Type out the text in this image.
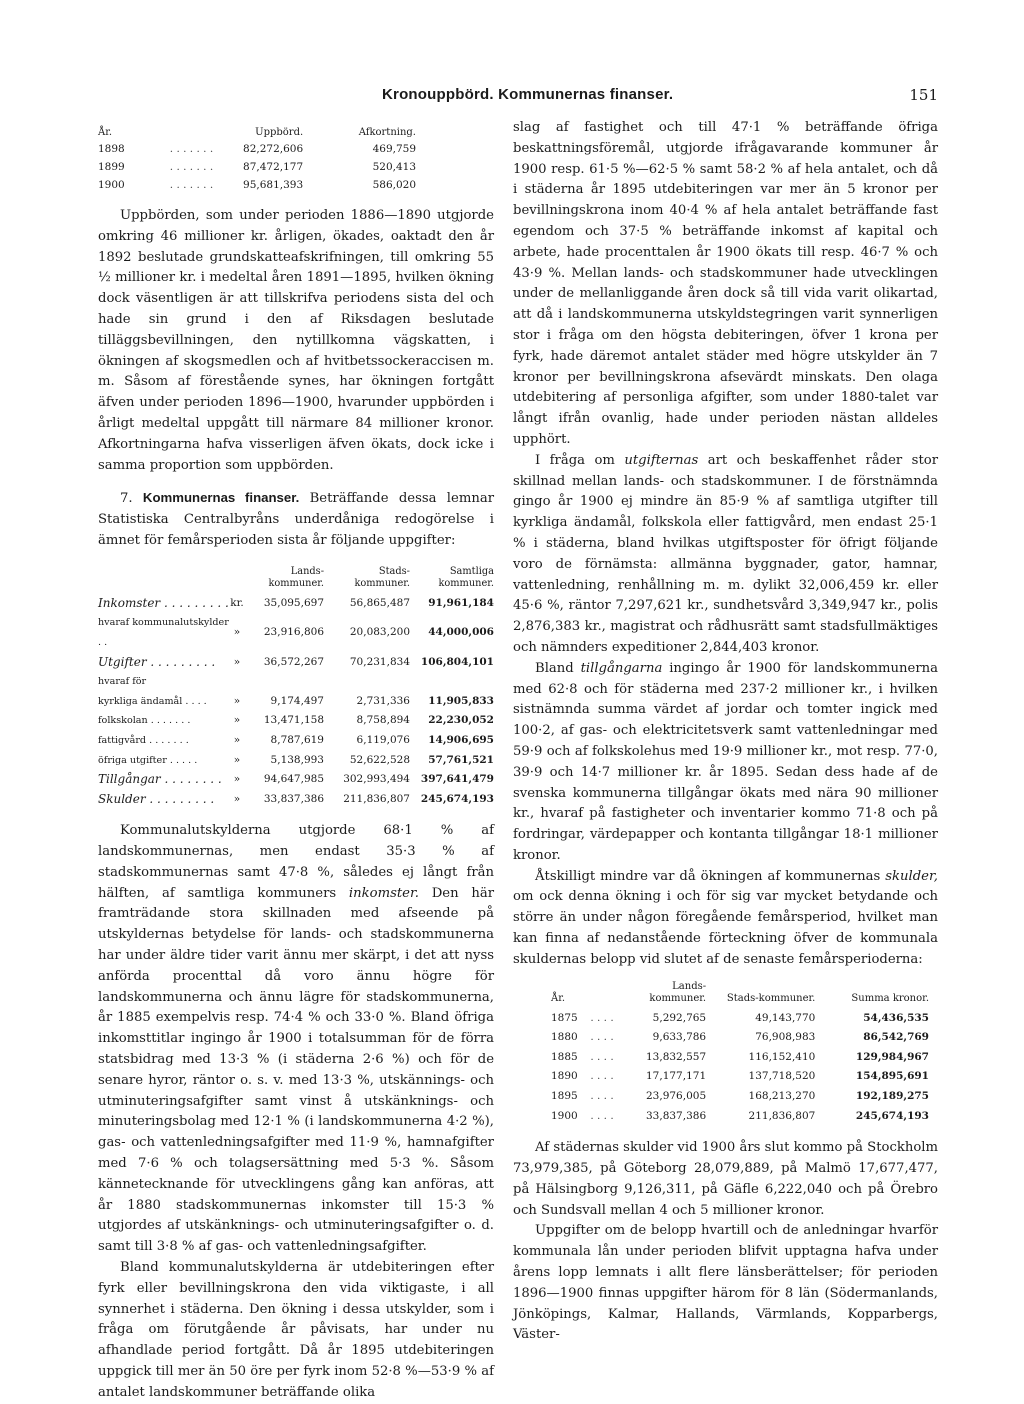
Kronouppbörd. Kommunernas finanser.	151
År.		Uppbörd.	Afkortning.
1898	. . . . . . .	82,272,606	469,759
1899	. . . . . . .	87,472,177	520,413
1900	. . . . . . .	95,681,393	586,020

Uppbörden, som under perioden 1886—1890 utgjorde omkring 46 millioner kr. årligen, ökades, oaktadt den år 1892 beslutade grundskatteafskrifningen, till omkring 55 ½ millioner kr. i medeltal åren 1891—1895, hvilken ökning dock väsentligen är att tillskrifva periodens sista del och hade sin grund i den af Riksdagen beslutade tilläggsbevillningen, den nytillkomna vägskatten, i ökningen af skogsmedlen och af hvitbetssockeraccisen m. m. Såsom af förestående synes, har ökningen fortgått äfven under perioden 1896—1900, hvarunder uppbörden i årligt medeltal uppgått till närmare 84 millioner kronor. Afkortningarna hafva visserligen äfven ökats, dock icke i samma proportion som uppbörden.

7. Kommunernas finanser. Beträffande dessa lemnar Statistiska Centralbyråns underdåniga redogörelse i ämnet för femårsperioden sista år följande uppgifter:

		Lands-kommuner.	Stads-kommuner.	Samtliga kommuner.
Inkomster . . . . . . . . .	kr.	35,095,697	56,865,487	91,961,184
hvaraf kommunalutskylder . .	»	23,916,806	20,083,200	44,000,006
Utgifter . . . . . . . . .	»	36,572,267	70,231,834	106,804,101
hvaraf för				
kyrkliga ändamål . . . .	»	9,174,497	2,731,336	11,905,833
folkskolan . . . . . . .	»	13,471,158	8,758,894	22,230,052
fattigvård . . . . . . .	»	8,787,619	6,119,076	14,906,695
öfriga utgifter . . . . .	»	5,138,993	52,622,528	57,761,521
Tillgångar . . . . . . . .	»	94,647,985	302,993,494	397,641,479
Skulder . . . . . . . . .	»	33,837,386	211,836,807	245,674,193

Kommunalutskylderna utgjorde 68·1 % af landskommunernas, men endast 35·3 % af stadskommunernas samt 47·8 %, således ej långt från hälften, af samtliga kommuners inkomster. Den här framträdande stora skillnaden med afseende på utskyldernas betydelse för lands- och stadskommunerna har under äldre tider varit ännu mer skärpt, i det att nyss anförda procenttal då voro ännu högre för landskommunerna och ännu lägre för stadskommunerna, år 1885 exempelvis resp. 74·4 % och 33·0 %. Bland öfriga inkomsttitlar ingingo år 1900 i totalsumman för de förra statsbidrag med 13·3 % (i städerna 2·6 %) och för de senare hyror, räntor o. s. v. med 13·3 %, utskännings- och utminuteringsafgifter samt vinst å utskänknings- och minuteringsbolag med 12·1 % (i landskommunerna 4·2 %), gas- och vattenledningsafgifter med 11·9 %, hamnafgifter med 7·6 % och tolagsersättning med 5·3 %. Såsom kännetecknande för utvecklingens gång kan anföras, att år 1880 stadskommunernas inkomster till 15·3 % utgjordes af utskänknings- och utminuteringsafgifter o. d. samt till 3·8 % af gas- och vattenledningsafgifter.

Bland kommunalutskylderna är utdebiteringen efter fyrk eller bevillningskrona den vida viktigaste, i all synnerhet i städerna. Den ökning i dessa utskylder, som i fråga om förutgående år påvisats, har under nu afhandlade period fortgått. Då år 1895 utdebiteringen uppgick till mer än 50 öre per fyrk inom 52·8 %—53·9 % af antalet landskommuner beträffande olika

slag af fastighet och till 47·1 % beträffande öfriga beskattningsföremål, utgjorde ifrågavarande kommuner år 1900 resp. 61·5 %—62·5 % samt 58·2 % af hela antalet, och då i städerna år 1895 utdebiteringen var mer än 5 kronor per bevillningskrona inom 40·4 % af hela antalet beträffande fast egendom och 37·5 % beträffande inkomst af kapital och arbete, hade procenttalen år 1900 ökats till resp. 46·7 % och 43·9 %. Mellan lands- och stadskommuner hade utvecklingen under de mellanliggande åren dock så till vida varit olikartad, att då i landskommunerna utskyldstegringen varit synnerligen stor i fråga om den högsta debiteringen, öfver 1 krona per fyrk, hade däremot antalet städer med högre utskylder än 7 kronor per bevillningskrona afsevärdt minskats. Den olaga utdebitering af personliga afgifter, som under 1880-talet var långt ifrån ovanlig, hade under perioden nästan alldeles upphört.

I fråga om utgifternas art och beskaffenhet råder stor skillnad mellan lands- och stadskommuner. I de förstnämnda gingo år 1900 ej mindre än 85·9 % af samtliga utgifter till kyrkliga ändamål, folkskola eller fattigvård, men endast 25·1 % i städerna, bland hvilkas utgiftsposter för öfrigt följande voro de förnämsta: allmänna byggnader, gator, hamnar, vattenledning, renhållning m. m. dylikt 32,006,459 kr. eller 45·6 %, räntor 7,297,621 kr., sundhetsvård 3,349,947 kr., polis 2,876,383 kr., magistrat och rådhusrätt samt stadsfullmäktiges och nämnders expeditioner 2,844,403 kronor.

Bland tillgångarna ingingo år 1900 för landskommunerna med 62·8 och för städerna med 237·2 millioner kr., i hvilken sistnämnda summa värdet af jordar och tomter ingick med 100·2, af gas- och elektricitetsverk samt vattenledningar med 59·9 och af folkskolehus med 19·9 millioner kr., mot resp. 77·0, 39·9 och 14·7 millioner kr. år 1895. Sedan dess hade af de svenska kommunerna tillgångar ökats med nära 90 millioner kr., hvaraf på fastigheter och inventarier kommo 71·8 och på fordringar, värdepapper och kontanta tillgångar 18·1 millioner kronor.

Åtskilligt mindre var då ökningen af kommunernas skulder, om ock denna ökning i och för sig var mycket betydande och större än under någon föregående femårsperiod, hvilket man kan finna af nedanstående förteckning öfver de kommunala skuldernas belopp vid slutet af de senaste femårsperioderna:

År.		Lands-kommuner.	Stads-kommuner.	Summa kronor.
1875	. . . .	5,292,765	49,143,770	54,436,535
1880	. . . .	9,633,786	76,908,983	86,542,769
1885	. . . .	13,832,557	116,152,410	129,984,967
1890	. . . .	17,177,171	137,718,520	154,895,691
1895	. . . .	23,976,005	168,213,270	192,189,275
1900	. . . .	33,837,386	211,836,807	245,674,193

Af städernas skulder vid 1900 års slut kommo på Stockholm 73,979,385, på Göteborg 28,079,889, på Malmö 17,677,477, på Hälsingborg 9,126,311, på Gäfle 6,222,040 och på Örebro och Sundsvall mellan 4 och 5 millioner kronor.

Uppgifter om de belopp hvartill och de anledningar hvarför kommunala lån under perioden blifvit upptagna hafva under årens lopp lemnats i allt flere länsberättelser; för perioden 1896—1900 finnas uppgifter härom för 8 län (Södermanlands, Jönköpings, Kalmar, Hallands, Värmlands, Kopparbergs, Väster-
